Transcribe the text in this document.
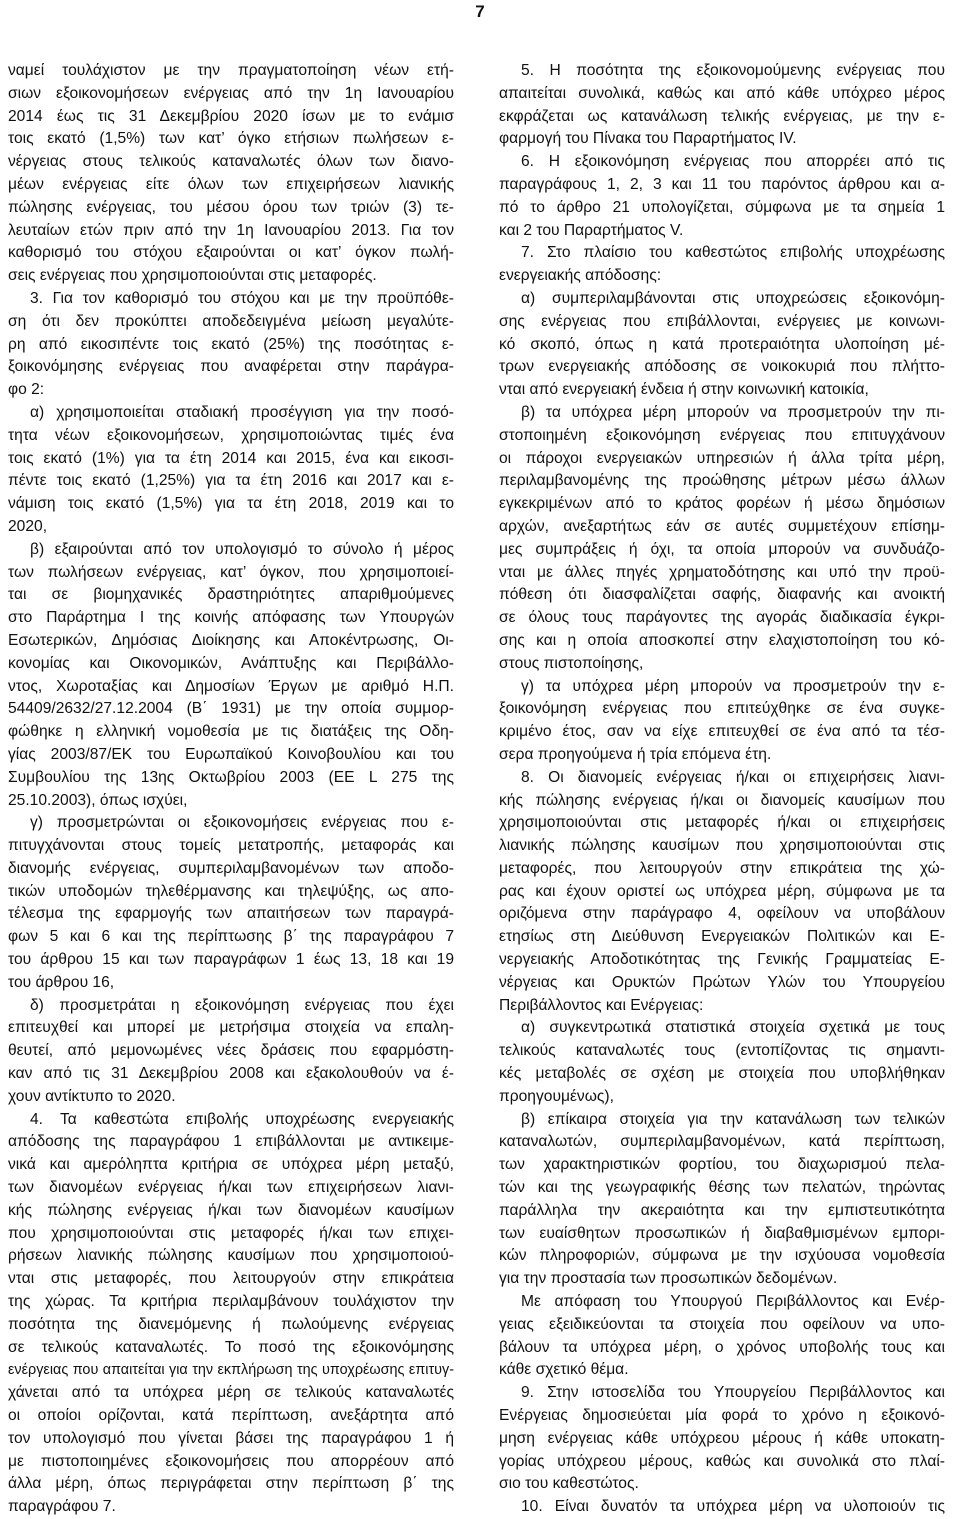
7
ναμεί τουλάχιστον με την πραγματοποίηση νέων ετή-
σιων εξοικονομήσεων ενέργειας από την 1η Ιανουαρίου
2014 έως τις 31 Δεκεμβρίου 2020 ίσων με το ενάμισ
τοις εκατό (1,5%) των κατ’ όγκο ετήσιων πωλήσεων ε-
νέργειας στους τελικούς καταναλωτές όλων των διανο-
μέων ενέργειας είτε όλων των επιχειρήσεων λιανικής
πώλησης ενέργειας, του μέσου όρου των τριών (3) τε-
λευταίων ετών πριν από την 1η Ιανουαρίου 2013. Για τον
καθορισμό του στόχου εξαιρούνται οι κατ’ όγκον πωλή-
σεις ενέργειας που χρησιμοποιούνται στις μεταφορές.
3. Για τον καθορισμό του στόχου και με την προϋπόθε-
ση ότι δεν προκύπτει αποδεδειγμένα μείωση μεγαλύτε-
ρη από εικοσιπέντε τοις εκατό (25%) της ποσότητας ε-
ξοικονόμησης ενέργειας που αναφέρεται στην παράγρα-
φο 2:
α) χρησιμοποιείται σταδιακή προσέγγιση για την ποσό-
τητα νέων εξοικονομήσεων, χρησιμοποιώντας τιμές ένα
τοις εκατό (1%) για τα έτη 2014 και 2015, ένα και εικοσι-
πέντε τοις εκατό (1,25%) για τα έτη 2016 και 2017 και ε-
νάμιση τοις εκατό (1,5%) για τα έτη 2018, 2019 και το
2020,
β) εξαιρούνται από τον υπολογισμό το σύνολο ή μέρος
των πωλήσεων ενέργειας, κατ’ όγκον, που χρησιμοποιεί-
ται σε βιομηχανικές δραστηριότητες απαριθμούμενες
στο Παράρτημα Ι της κοινής απόφασης των Υπουργών
Εσωτερικών, Δημόσιας Διοίκησης και Αποκέντρωσης, Οι-
κονομίας και Οικονομικών, Ανάπτυξης και Περιβάλλο-
ντος, Χωροταξίας και Δημοσίων Έργων με αριθμό Η.Π.
54409/2632/27.12.2004 (Β΄ 1931) με την οποία συμμορ-
φώθηκε η ελληνική νομοθεσία με τις διατάξεις της Οδη-
γίας 2003/87/ΕΚ του Ευρωπαϊκού Κοινοβουλίου και του
Συμβουλίου της 13ης Οκτωβρίου 2003 (ΕΕ L 275 της
25.10.2003), όπως ισχύει,
γ) προσμετρώνται οι εξοικονομήσεις ενέργειας που ε-
πιτυγχάνονται στους τομείς μετατροπής, μεταφοράς και
διανομής ενέργειας, συμπεριλαμβανομένων των αποδο-
τικών υποδομών τηλεθέρμανσης και τηλεψύξης, ως απο-
τέλεσμα της εφαρμογής των απαιτήσεων των παραγρά-
φων 5 και 6 και της περίπτωσης β΄ της παραγράφου 7
του άρθρου 15 και των παραγράφων 1 έως 13, 18 και 19
του άρθρου 16,
δ) προσμετράται η εξοικονόμηση ενέργειας που έχει
επιτευχθεί και μπορεί με μετρήσιμα στοιχεία να επαλη-
θευτεί, από μεμονωμένες νέες δράσεις που εφαρμόστη-
καν από τις 31 Δεκεμβρίου 2008 και εξακολουθούν να έ-
χουν αντίκτυπο το 2020.
4. Τα καθεστώτα επιβολής υποχρέωσης ενεργειακής
απόδοσης της παραγράφου 1 επιβάλλονται με αντικειμε-
νικά και αμερόληπτα κριτήρια σε υπόχρεα μέρη μεταξύ,
των διανομέων ενέργειας ή/και των επιχειρήσεων λιανι-
κής πώλησης ενέργειας ή/και των διανομέων καυσίμων
που χρησιμοποιούνται στις μεταφορές ή/και των επιχει-
ρήσεων λιανικής πώλησης καυσίμων που χρησιμοποιού-
νται στις μεταφορές, που λειτουργούν στην επικράτεια
της χώρας. Τα κριτήρια περιλαμβάνουν τουλάχιστον την
ποσότητα της διανεμόμενης ή πωλούμενης ενέργειας
σε τελικούς καταναλωτές. Το ποσό της εξοικονόμησης
ενέργειας που απαιτείται για την εκπλήρωση της υποχρέωσης επιτυγ-
χάνεται από τα υπόχρεα μέρη σε τελικούς καταναλωτές
οι οποίοι ορίζονται, κατά περίπτωση, ανεξάρτητα από
τον υπολογισμό που γίνεται βάσει της παραγράφου 1 ή
με πιστοποιημένες εξοικονομήσεις που απορρέουν από
άλλα μέρη, όπως περιγράφεται στην περίπτωση β΄ της
παραγράφου 7.
5. Η ποσότητα της εξοικονομούμενης ενέργειας που
απαιτείται συνολικά, καθώς και από κάθε υπόχρεο μέρος
εκφράζεται ως κατανάλωση τελικής ενέργειας, με την ε-
φαρμογή του Πίνακα του Παραρτήματος IV.
6. Η εξοικονόμηση ενέργειας που απορρέει από τις
παραγράφους 1, 2, 3 και 11 του παρόντος άρθρου και α-
πό το άρθρο 21 υπολογίζεται, σύμφωνα με τα σημεία 1
και 2 του Παραρτήματος V.
7. Στο πλαίσιο του καθεστώτος επιβολής υποχρέωσης
ενεργειακής απόδοσης:
α) συμπεριλαμβάνονται στις υποχρεώσεις εξοικονόμη-
σης ενέργειας που επιβάλλονται, ενέργειες με κοινωνι-
κό σκοπό, όπως η κατά προτεραιότητα υλοποίηση μέ-
τρων ενεργειακής απόδοσης σε νοικοκυριά που πλήττο-
νται από ενεργειακή ένδεια ή στην κοινωνική κατοικία,
β) τα υπόχρεα μέρη μπορούν να προσμετρούν την πι-
στοποιημένη εξοικονόμηση ενέργειας που επιτυγχάνουν
οι πάροχοι ενεργειακών υπηρεσιών ή άλλα τρίτα μέρη,
περιλαμβανομένης της προώθησης μέτρων μέσω άλλων
εγκεκριμένων από το κράτος φορέων ή μέσω δημόσιων
αρχών, ανεξαρτήτως εάν σε αυτές συμμετέχουν επίσημ-
μες συμπράξεις ή όχι, τα οποία μπορούν να συνδυάζο-
νται με άλλες πηγές χρηματοδότησης και υπό την προϋ-
πόθεση ότι διασφαλίζεται σαφής, διαφανής και ανοικτή
σε όλους τους παράγοντες της αγοράς διαδικασία έγκρι-
σης και η οποία αποσκοπεί στην ελαχιστοποίηση του κό-
στους πιστοποίησης,
γ) τα υπόχρεα μέρη μπορούν να προσμετρούν την ε-
ξοικονόμηση ενέργειας που επιτεύχθηκε σε ένα συγκε-
κριμένο έτος, σαν να είχε επιτευχθεί σε ένα από τα τέσ-
σερα προηγούμενα ή τρία επόμενα έτη.
8. Οι διανομείς ενέργειας ή/και οι επιχειρήσεις λιανι-
κής πώλησης ενέργειας ή/και οι διανομείς καυσίμων που
χρησιμοποιούνται στις μεταφορές ή/και οι επιχειρήσεις
λιανικής πώλησης καυσίμων που χρησιμοποιούνται στις
μεταφορές, που λειτουργούν στην επικράτεια της χώ-
ρας και έχουν οριστεί ως υπόχρεα μέρη, σύμφωνα με τα
οριζόμενα στην παράγραφο 4, οφείλουν να υποβάλουν
ετησίως στη Διεύθυνση Ενεργειακών Πολιτικών και Ε-
νεργειακής Αποδοτικότητας της Γενικής Γραμματείας Ε-
νέργειας και Ορυκτών Πρώτων Υλών του Υπουργείου
Περιβάλλοντος και Ενέργειας:
α) συγκεντρωτικά στατιστικά στοιχεία σχετικά με τους
τελικούς καταναλωτές τους (εντοπίζοντας τις σημαντι-
κές μεταβολές σε σχέση με στοιχεία που υποβλήθηκαν
προηγουμένως),
β) επίκαιρα στοιχεία για την κατανάλωση των τελικών
καταναλωτών, συμπεριλαμβανομένων, κατά περίπτωση,
των χαρακτηριστικών φορτίου, του διαχωρισμού πελα-
τών και της γεωγραφικής θέσης των πελατών, τηρώντας
παράλληλα την ακεραιότητα και την εμπιστευτικότητα
των ευαίσθητων προσωπικών ή διαβαθμισμένων εμπορι-
κών πληροφοριών, σύμφωνα με την ισχύουσα νομοθεσία
για την προστασία των προσωπικών δεδομένων.
Με απόφαση του Υπουργού Περιβάλλοντος και Ενέρ-
γειας εξειδικεύονται τα στοιχεία που οφείλουν να υπο-
βάλουν τα υπόχρεα μέρη, ο χρόνος υποβολής τους και
κάθε σχετικό θέμα.
9. Στην ιστοσελίδα του Υπουργείου Περιβάλλοντος και
Ενέργειας δημοσιεύεται μία φορά το χρόνο η εξοικονό-
μηση ενέργειας κάθε υπόχρεου μέρους ή κάθε υποκατη-
γορίας υπόχρεου μέρους, καθώς και συνολικά στο πλαί-
σιο του καθεστώτος.
10. Είναι δυνατόν τα υπόχρεα μέρη να υλοποιούν τις
